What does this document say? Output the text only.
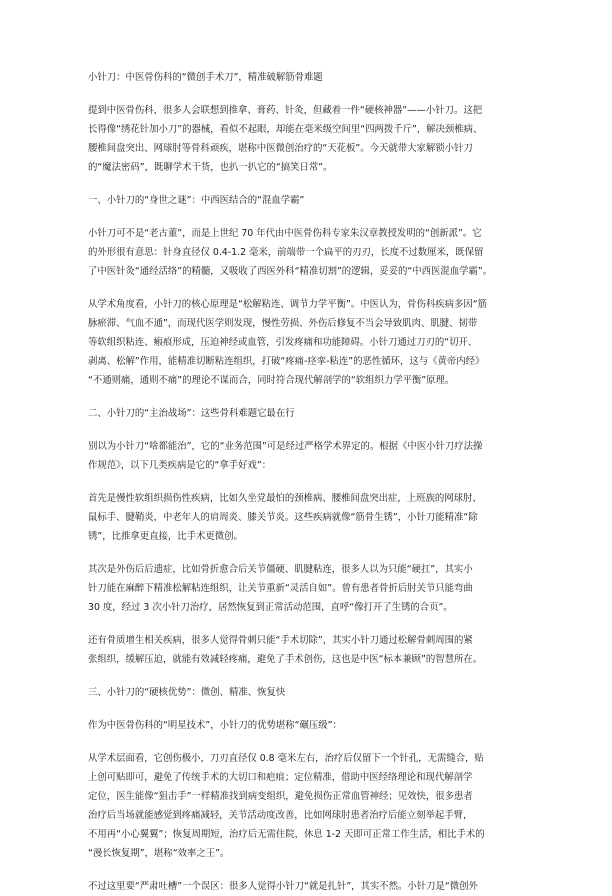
小针刀：中医骨伤科的“微创手术刀”，精准破解筋骨难题
提到中医骨伤科，很多人会联想到推拿、膏药、针灸，但藏着一件“硬核神器”——小针刀。这把
长得像“绣花针加小刀”的器械，看似不起眼，却能在毫米级空间里“四两拨千斤”，解决颈椎病、
腰椎间盘突出、网球肘等骨科顽疾，堪称中医微创治疗的“天花板”。今天就带大家解锁小针刀
的“魔法密码”，既聊学术干货，也扒一扒它的“搞笑日常”。
一、小针刀的“身世之谜”：中西医结合的“混血学霸”
小针刀可不是“老古董”，而是上世纪 70 年代由中医骨伤科专家朱汉章教授发明的“创新派”。它
的外形很有意思：针身直径仅 0.4-1.2 毫米，前端带一个扁平的刃刃，长度不过数厘米，既保留
了中医针灸“通经活络”的精髓，又吸收了西医外科“精准切割”的逻辑，妥妥的“中西医混血学霸”。
从学术角度看，小针刀的核心原理是“松解粘连、调节力学平衡”。中医认为，骨伤科疾病多因“筋
脉瘀滞、气血不通”，而现代医学则发现，慢性劳损、外伤后修复不当会导致肌肉、肌腱、韧带
等软组织粘连、瘢痕形成，压迫神经或血管，引发疼痛和功能障碍。小针刀通过刀刃的“切开、
剥离、松解”作用，能精准切断粘连组织，打破“疼痛-痉挛-粘连”的恶性循环，这与《黄帝内经》
“不通则痛，通则不痛”的理论不谋而合，同时符合现代解剖学的“软组织力学平衡”原理。
二、小针刀的“主治战场”：这些骨科难题它最在行
别以为小针刀“啥都能治”，它的“业务范围”可是经过严格学术界定的。根据《中医小针刀疗法操
作规范》，以下几类疾病是它的“拿手好戏”：
首先是慢性软组织损伤性疾病，比如久坐党最怕的颈椎病、腰椎间盘突出症，上班族的网球肘、
鼠标手、腱鞘炎，中老年人的肩周炎、膝关节炎。这些疾病就像“筋骨生锈”，小针刀能精准“除
锈”，比推拿更直接，比手术更微创。
其次是外伤后后遗症，比如骨折愈合后关节僵硬、肌腱粘连，很多人以为只能“硬扛”，其实小
针刀能在麻醉下精准松解粘连组织，让关节重新“灵活自如”。曾有患者骨折后肘关节只能弯曲
30 度，经过 3 次小针刀治疗，居然恢复到正常活动范围，直呼“像打开了生锈的合页”。
还有骨质增生相关疾病，很多人觉得骨刺只能“手术切除”，其实小针刀通过松解骨刺周围的紧
张组织，缓解压迫，就能有效减轻疼痛，避免了手术创伤，这也是中医“标本兼顾”的智慧所在。
三、小针刀的“硬核优势”：微创、精准、恢复快
作为中医骨伤科的“明星技术”，小针刀的优势堪称“碾压级”：
从学术层面看，它创伤极小，刀刃直径仅 0.8 毫米左右，治疗后仅留下一个针孔，无需缝合，贴
上创可贴即可，避免了传统手术的大切口和疤痕；定位精准，借助中医经络理论和现代解剖学
定位，医生能像“狙击手”一样精准找到病变组织，避免损伤正常血管神经；见效快，很多患者
治疗后当场就能感觉到疼痛减轻，关节活动度改善，比如网球肘患者治疗后能立刻举起手臂，
不用再“小心翼翼”；恢复周期短，治疗后无需住院，休息 1-2 天即可正常工作生活，相比手术的
“漫长恢复期”，堪称“效率之王”。
不过这里要“严肃吐槽”一个误区：很多人觉得小针刀“就是扎针”，其实不然。小针刀是“微创外
